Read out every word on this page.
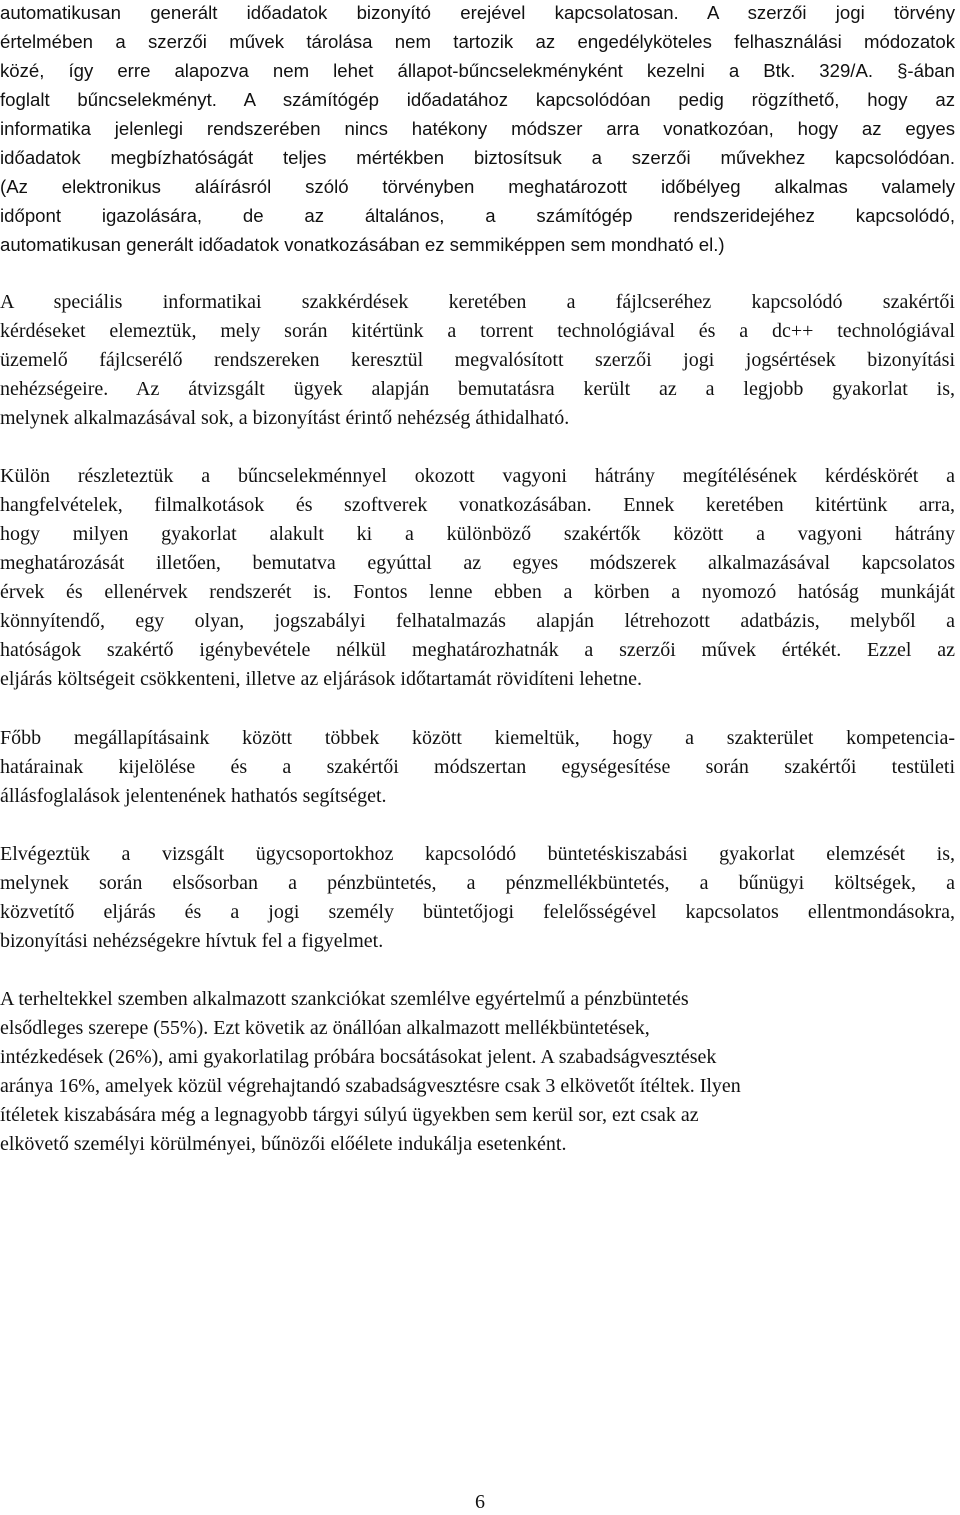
automatikusan generált időadatok bizonyító erejével kapcsolatosan. A szerzői jogi törvény
értelmében a szerzői művek tárolása nem tartozik az engedélyköteles felhasználási módozatok
közé, így erre alapozva nem lehet állapot-bűncselekményként kezelni a Btk. 329/A. §-ában
foglalt bűncselekményt. A számítógép időadatához kapcsolódóan pedig rögzíthető, hogy az
informatika jelenlegi rendszerében nincs hatékony módszer arra vonatkozóan, hogy az egyes
időadatok megbízhatóságát teljes mértékben biztosítsuk a szerzői művekhez kapcsolódóan.
(Az elektronikus aláírásról szóló törvényben meghatározott időbélyeg alkalmas valamely
időpont igazolására, de az általános, a számítógép rendszeridejéhez kapcsolódó,
automatikusan generált időadatok vonatkozásában ez semmiképpen sem mondható el.)
A speciális informatikai szakkérdések keretében a fájlcseréhez kapcsolódó szakértői
kérdéseket elemeztük, mely során kitértünk a torrent technológiával és a dc++ technológiával
üzemelő fájlcserélő rendszereken keresztül megvalósított szerzői jogi jogsértések bizonyítási
nehézségeire. Az átvizsgált ügyek alapján bemutatásra került az a legjobb gyakorlat is,
melynek alkalmazásával sok, a bizonyítást érintő nehézség áthidalható.
Külön részleteztük a bűncselekménnyel okozott vagyoni hátrány megítélésének kérdéskörét a
hangfelvételek, filmalkotások és szoftverek vonatkozásában. Ennek keretében kitértünk arra,
hogy milyen gyakorlat alakult ki a különböző szakértők között a vagyoni hátrány
meghatározását illetően, bemutatva egyúttal az egyes módszerek alkalmazásával kapcsolatos
érvek és ellenérvek rendszerét is. Fontos lenne ebben a körben a nyomozó hatóság munkáját
könnyítendő, egy olyan, jogszabályi felhatalmazás alapján létrehozott adatbázis, melyből a
hatóságok szakértő igénybevétele nélkül meghatározhatnák a szerzői művek értékét. Ezzel az
eljárás költségeit csökkenteni, illetve az eljárások időtartamát rövidíteni lehetne.
Főbb megállapításaink között többek között kiemeltük, hogy a szakterület kompetencia-
határainak kijelölése és a szakértői módszertan egységesítése során szakértői testületi
állásfoglalások jelentenének hathatós segítséget.
Elvégeztük a vizsgált ügycsoportokhoz kapcsolódó büntetéskiszabási gyakorlat elemzését is,
melynek során elsősorban a pénzbüntetés, a pénzmellékbüntetés, a bűnügyi költségek, a
közvetítő eljárás és a jogi személy büntetőjogi felelősségével kapcsolatos ellentmondásokra,
bizonyítási nehézségekre hívtuk fel a figyelmet.
A terheltekkel szemben alkalmazott szankciókat szemlélve egyértelmű a pénzbüntetés
elsődleges szerepe (55%). Ezt követik az önállóan alkalmazott mellékbüntetések,
intézkedések (26%), ami gyakorlatilag próbára bocsátásokat jelent. A szabadságvesztések
aránya 16%, amelyek közül végrehajtandó szabadságvesztésre csak 3 elkövetőt ítéltek. Ilyen
ítéletek kiszabására még a legnagyobb tárgyi súlyú ügyekben sem kerül sor, ezt csak az
elkövető személyi körülményei, bűnözői előélete indukálja esetenként.
6
